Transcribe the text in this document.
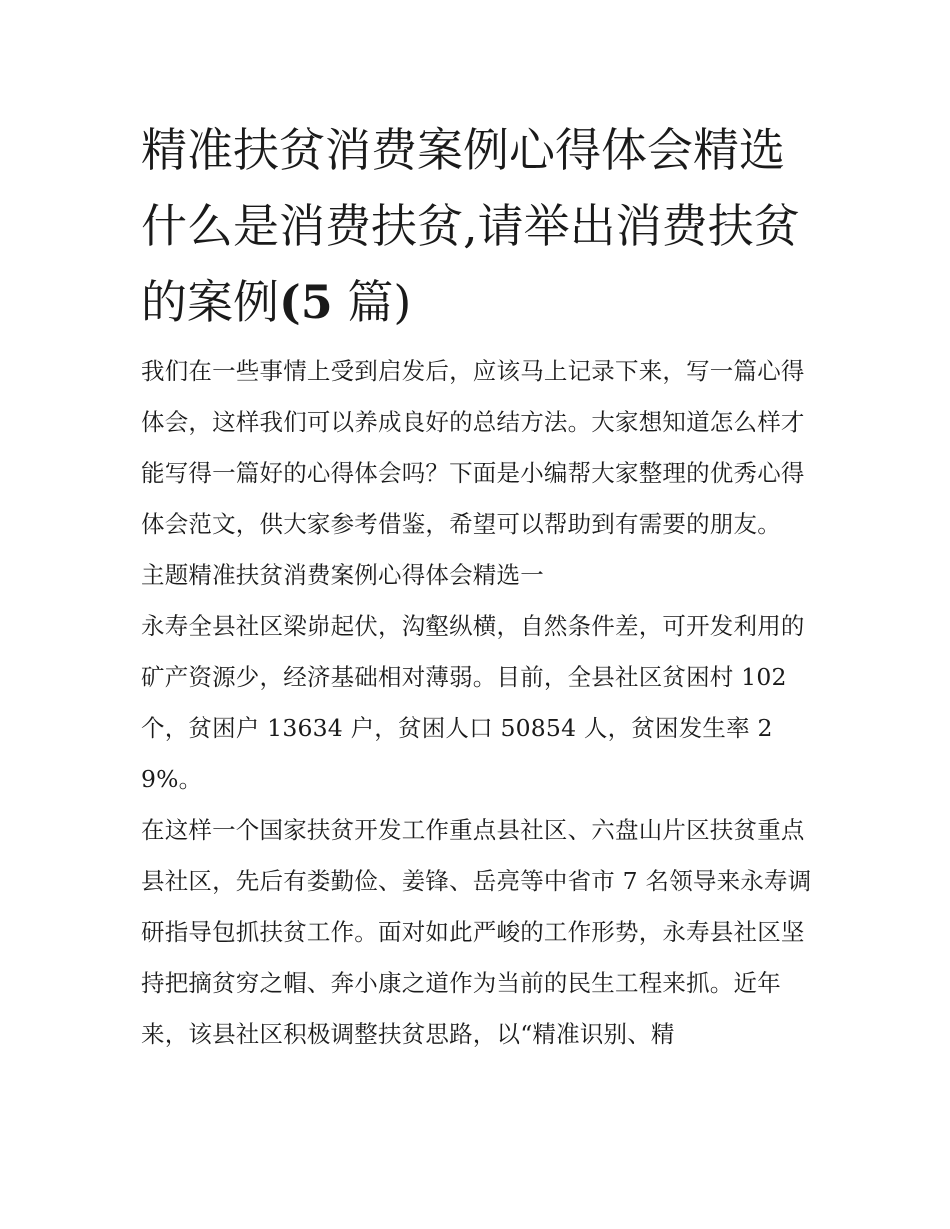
精准扶贫消费案例心得体会精选 什么是消费扶贫,请举出消费扶贫的案例(5 篇)

我们在一些事情上受到启发后，应该马上记录下来，写一篇心得体会，这样我们可以养成良好的总结方法。大家想知道怎么样才能写得一篇好的心得体会吗？下面是小编帮大家整理的优秀心得体会范文，供大家参考借鉴，希望可以帮助到有需要的朋友。

主题精准扶贫消费案例心得体会精选一

永寿全县社区梁峁起伏，沟壑纵横，自然条件差，可开发利用的矿产资源少，经济基础相对薄弱。目前，全县社区贫困村 102 个，贫困户 13634 户，贫困人口 50854 人，贫困发生率 29%。

在这样一个国家扶贫开发工作重点县社区、六盘山片区扶贫重点县社区，先后有娄勤俭、姜锋、岳亮等中省市 7 名领导来永寿调研指导包抓扶贫工作。面对如此严峻的工作形势，永寿县社区坚持把摘贫穷之帽、奔小康之道作为当前的民生工程来抓。近年来，该县社区积极调整扶贫思路，以“精准识别、精
